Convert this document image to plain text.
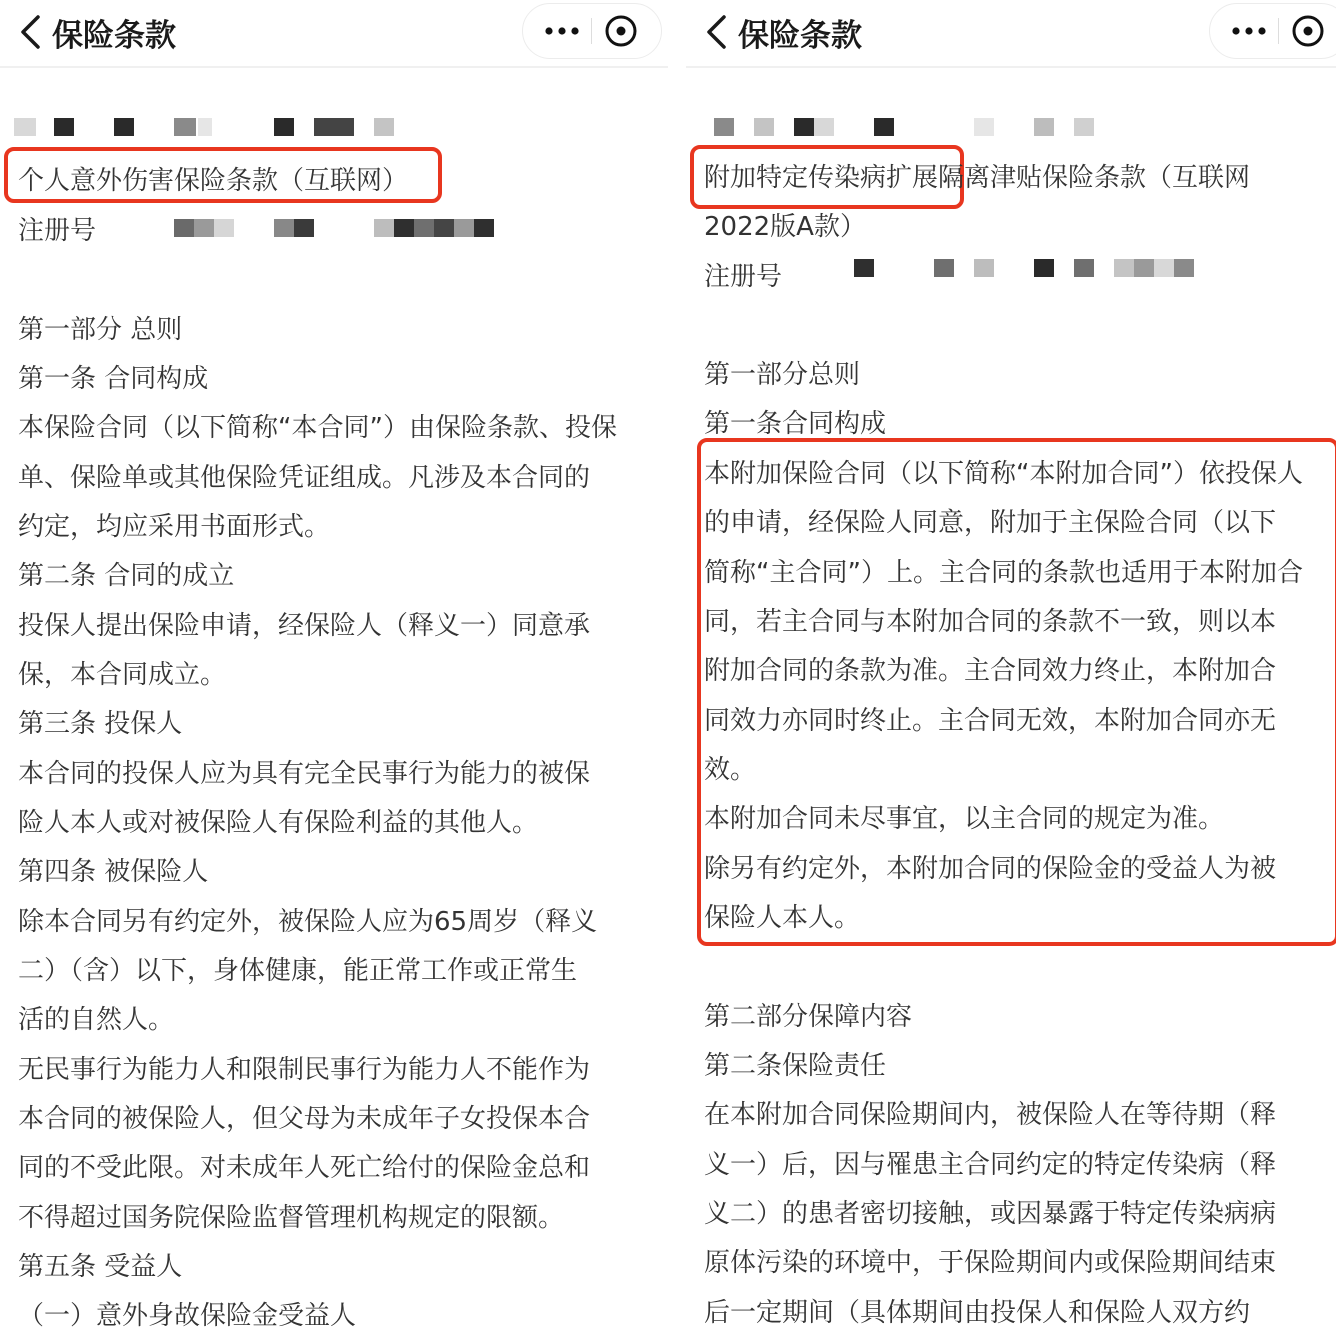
保险条款
个人意外伤害保险条款（互联网）
注册号
第一部分 总则
第一条 合同构成
本保险合同（以下简称“本合同”）由保险条款、投保
单、保险单或其他保险凭证组成。凡涉及本合同的
约定，均应采用书面形式。
第二条 合同的成立
投保人提出保险申请，经保险人（释义一）同意承
保，本合同成立。
第三条 投保人
本合同的投保人应为具有完全民事行为能力的被保
险人本人或对被保险人有保险利益的其他人。
第四条 被保险人
除本合同另有约定外，被保险人应为65周岁（释义
二）（含）以下，身体健康，能正常工作或正常生
活的自然人。
无民事行为能力人和限制民事行为能力人不能作为
本合同的被保险人，但父母为未成年子女投保本合
同的不受此限。对未成年人死亡给付的保险金总和
不得超过国务院保险监督管理机构规定的限额。
第五条 受益人
（一）意外身故保险金受益人
保险条款
附加特定传染病扩展隔离津贴保险条款（互联网
2022版A款）
注册号
第一部分总则
第一条合同构成
本附加保险合同（以下简称“本附加合同”）依投保人
的申请，经保险人同意，附加于主保险合同（以下
简称“主合同”）上。主合同的条款也适用于本附加合
同，若主合同与本附加合同的条款不一致，则以本
附加合同的条款为准。主合同效力终止，本附加合
同效力亦同时终止。主合同无效，本附加合同亦无
效。
本附加合同未尽事宜，以主合同的规定为准。
除另有约定外，本附加合同的保险金的受益人为被
保险人本人。
第二部分保障内容
第二条保险责任
在本附加合同保险期间内，被保险人在等待期（释
义一）后，因与罹患主合同约定的特定传染病（释
义二）的患者密切接触，或因暴露于特定传染病病
原体污染的环境中，于保险期间内或保险期间结束
后一定期间（具体期间由投保人和保险人双方约
